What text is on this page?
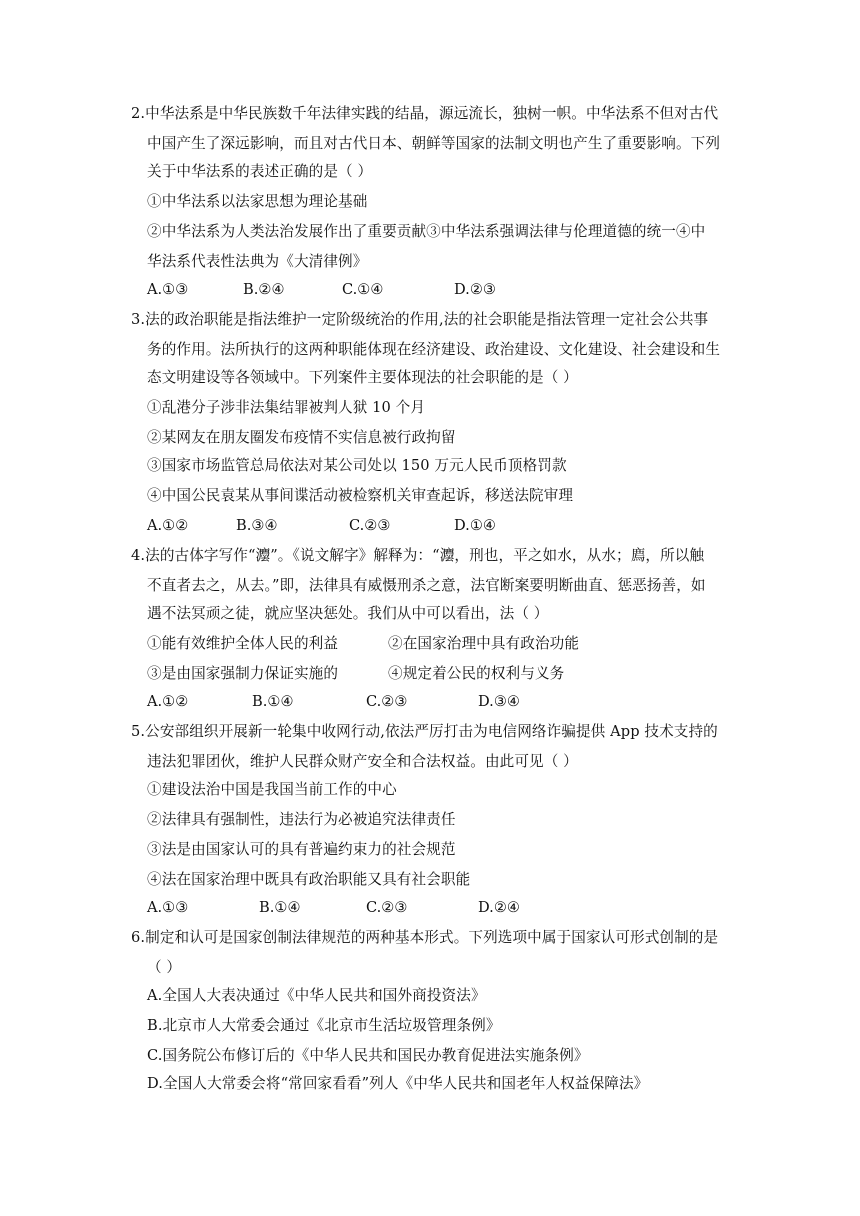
2.中华法系是中华民族数千年法律实践的结晶，源远流长，独树一帜。中华法系不但对古代

中国产生了深远影响，而且对古代日本、朝鲜等国家的法制文明也产生了重要影响。下列

关于中华法系的表述正确的是（ ）

①中华法系以法家思想为理论基础

②中华法系为人类法治发展作出了重要贡献③中华法系强调法律与伦理道德的统一④中

华法系代表性法典为《大清律例》

A.①③	B.②④	C.①④	D.②③

3.法的政治职能是指法维护一定阶级统治的作用,法的社会职能是指法管理一定社会公共事

务的作用。法所执行的这两种职能体现在经济建设、政治建设、文化建设、社会建设和生

态文明建设等各领域中。下列案件主要体现法的社会职能的是（ ）

①乱港分子涉非法集结罪被判人狱 10 个月

②某网友在朋友圈发布疫情不实信息被行政拘留

③国家市场监管总局依法对某公司处以 150 万元人民币顶格罚款

④中国公民袁某从事间谍活动被检察机关审查起诉，移送法院审理

A.①②	B.③④	C.②③	D.①④

4.法的古体字写作“灋”。《说文解字》解释为：“灋，刑也，平之如水，从水；廌，所以触

不直者去之，从去。”即，法律具有威慑刑杀之意，法官断案要明断曲直、惩恶扬善，如

遇不法冥顽之徒，就应坚决惩处。我们从中可以看出，法（ ）

①能有效维护全体人民的利益	②在国家治理中具有政治功能

③是由国家强制力保证实施的	④规定着公民的权利与义务

A.①②	B.①④	C.②③	D.③④

5.公安部组织开展新一轮集中收网行动,依法严厉打击为电信网络诈骗提供 App 技术支持的

违法犯罪团伙，维护人民群众财产安全和合法权益。由此可见（ ）

①建设法治中国是我国当前工作的中心

②法律具有强制性，违法行为必被追究法律责任

③法是由国家认可的具有普遍约束力的社会规范

④法在国家治理中既具有政治职能又具有社会职能

A.①③	B.①④	C.②③	D.②④

6.制定和认可是国家创制法律规范的两种基本形式。下列选项中属于国家认可形式创制的是

（ ）

A.全国人大表决通过《中华人民共和国外商投资法》

B.北京市人大常委会通过《北京市生活垃圾管理条例》

C.国务院公布修订后的《中华人民共和国民办教育促进法实施条例》

D.全国人大常委会将“常回家看看”列人《中华人民共和国老年人权益保障法》
